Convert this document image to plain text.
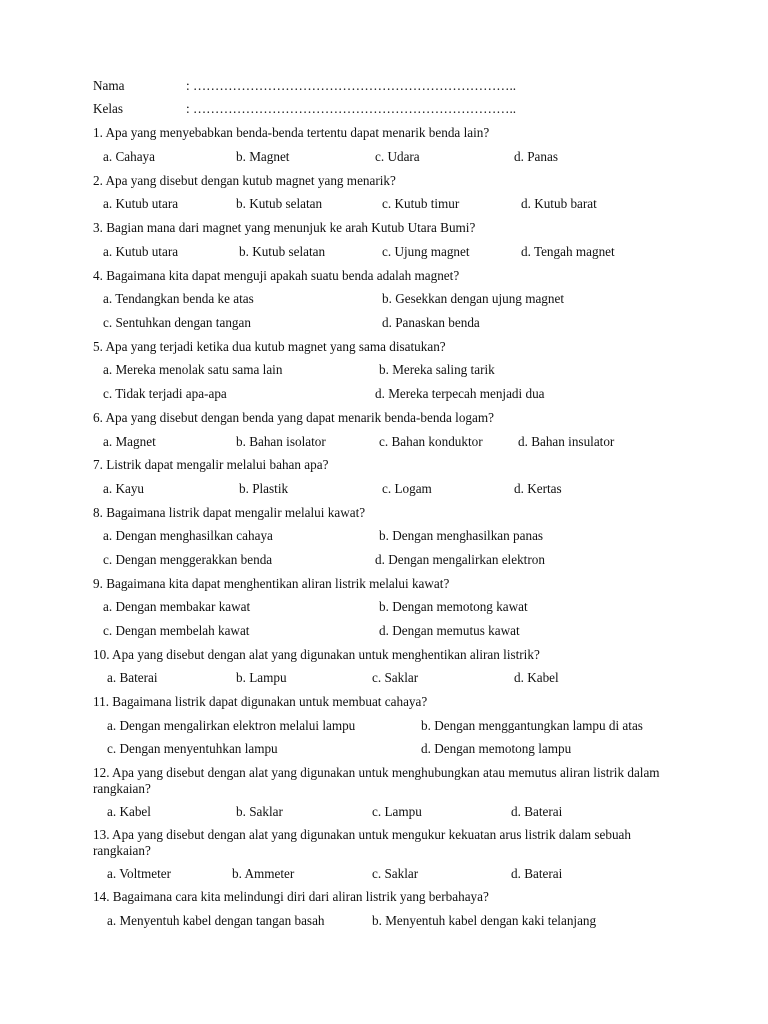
Nama	: ………………………………………………………………..
Kelas	: ………………………………………………………………..
1. Apa yang menyebabkan benda-benda tertentu dapat menarik benda lain?
a. Cahaya	b. Magnet	c. Udara	d. Panas
2. Apa yang disebut dengan kutub magnet yang menarik?
a. Kutub utara	b. Kutub selatan	c. Kutub timur	d. Kutub barat
3. Bagian mana dari magnet yang menunjuk ke arah Kutub Utara Bumi?
a. Kutub utara	b. Kutub selatan	c. Ujung magnet	d. Tengah magnet
4. Bagaimana kita dapat menguji apakah suatu benda adalah magnet?
a. Tendangkan benda ke atas	b. Gesekkan dengan ujung magnet
c. Sentuhkan dengan tangan	d. Panaskan benda
5. Apa yang terjadi ketika dua kutub magnet yang sama disatukan?
a. Mereka menolak satu sama lain	b. Mereka saling tarik
c. Tidak terjadi apa-apa	d. Mereka terpecah menjadi dua
6. Apa yang disebut dengan benda yang dapat menarik benda-benda logam?
a. Magnet	b. Bahan isolator	c. Bahan konduktor	d. Bahan insulator
7. Listrik dapat mengalir melalui bahan apa?
a. Kayu	b. Plastik	c. Logam	d. Kertas
8. Bagaimana listrik dapat mengalir melalui kawat?
a. Dengan menghasilkan cahaya	b. Dengan menghasilkan panas
c. Dengan menggerakkan benda	d. Dengan mengalirkan elektron
9. Bagaimana kita dapat menghentikan aliran listrik melalui kawat?
a. Dengan membakar kawat	b. Dengan memotong kawat
c. Dengan membelah kawat	d. Dengan memutus kawat
10. Apa yang disebut dengan alat yang digunakan untuk menghentikan aliran listrik?
a. Baterai	b. Lampu	c. Saklar	d. Kabel
11. Bagaimana listrik dapat digunakan untuk membuat cahaya?
a. Dengan mengalirkan elektron melalui lampu	b. Dengan menggantungkan lampu di atas
c. Dengan menyentuhkan lampu	d. Dengan memotong lampu
12. Apa yang disebut dengan alat yang digunakan untuk menghubungkan atau memutus aliran listrik dalam rangkaian?
a. Kabel	b. Saklar	c. Lampu	d. Baterai
13. Apa yang disebut dengan alat yang digunakan untuk mengukur kekuatan arus listrik dalam sebuah rangkaian?
a. Voltmeter	b. Ammeter	c. Saklar	d. Baterai
14. Bagaimana cara kita melindungi diri dari aliran listrik yang berbahaya?
a. Menyentuh kabel dengan tangan basah	b. Menyentuh kabel dengan kaki telanjang
